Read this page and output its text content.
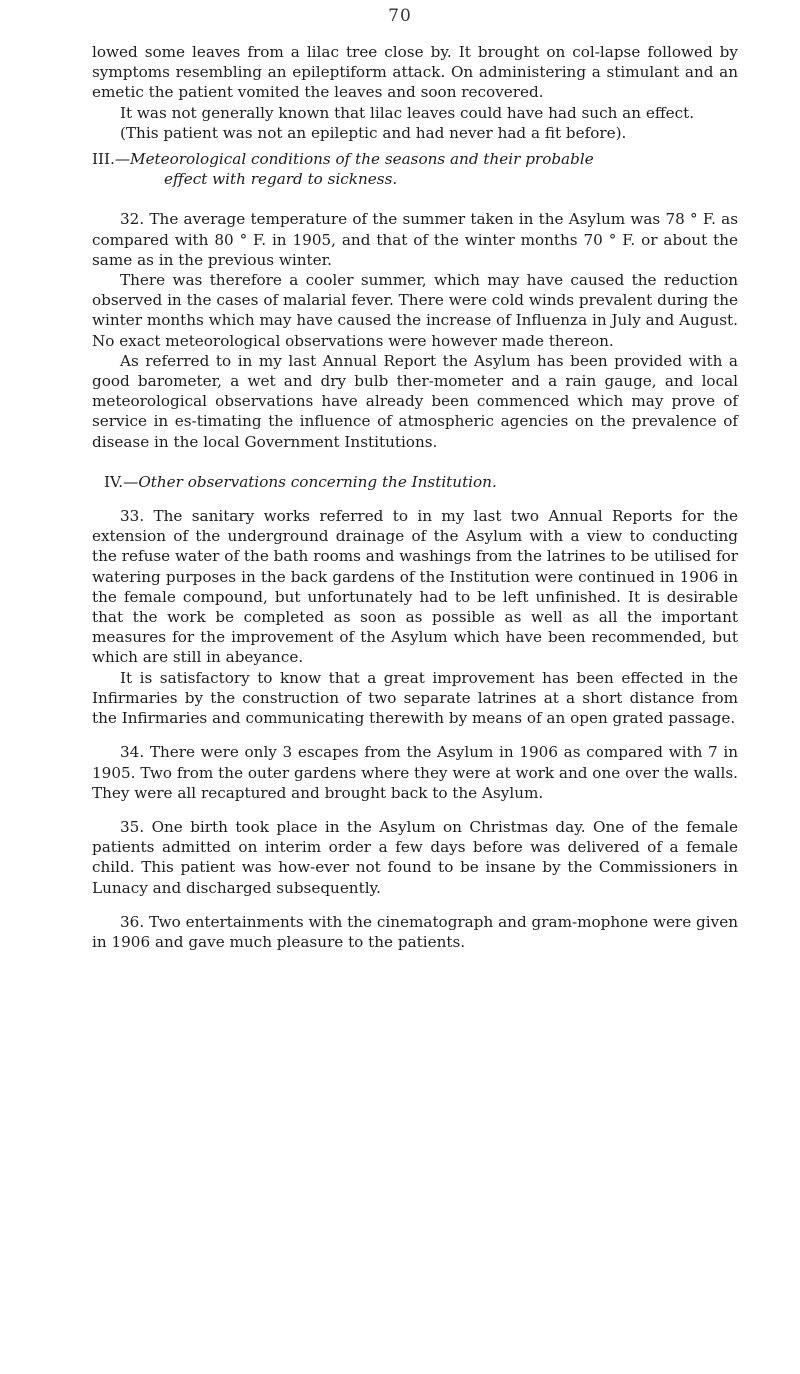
70

lowed some leaves from a lilac tree close by. It brought on col-lapse followed by symptoms resembling an epileptiform attack. On administering a stimulant and an emetic the patient vomited the leaves and soon recovered.

It was not generally known that lilac leaves could have had such an effect.

(This patient was not an epileptic and had never had a fit before).

III.—Meteorological conditions of the seasons and their probable
effect with regard to sickness.

32. The average temperature of the summer taken in the Asylum was 78 ° F. as compared with 80 ° F. in 1905, and that of the winter months 70 ° F. or about the same as in the previous winter.

There was therefore a cooler summer, which may have caused the reduction observed in the cases of malarial fever. There were cold winds prevalent during the winter months which may have caused the increase of Influenza in July and August. No exact meteorological observations were however made thereon.

As referred to in my last Annual Report the Asylum has been provided with a good barometer, a wet and dry bulb ther-mometer and a rain gauge, and local meteorological observations have already been commenced which may prove of service in es-timating the influence of atmospheric agencies on the prevalence of disease in the local Government Institutions.

IV.—Other observations concerning the Institution.

33. The sanitary works referred to in my last two Annual Reports for the extension of the underground drainage of the Asylum with a view to conducting the refuse water of the bath rooms and washings from the latrines to be utilised for watering purposes in the back gardens of the Institution were continued in 1906 in the female compound, but unfortunately had to be left unfinished. It is desirable that the work be completed as soon as possible as well as all the important measures for the improvement of the Asylum which have been recommended, but which are still in abeyance.

It is satisfactory to know that a great improvement has been effected in the Infirmaries by the construction of two separate latrines at a short distance from the Infirmaries and communicating therewith by means of an open grated passage.

34. There were only 3 escapes from the Asylum in 1906 as compared with 7 in 1905. Two from the outer gardens where they were at work and one over the walls. They were all recaptured and brought back to the Asylum.

35. One birth took place in the Asylum on Christmas day. One of the female patients admitted on interim order a few days before was delivered of a female child. This patient was how-ever not found to be insane by the Commissioners in Lunacy and discharged subsequently.

36. Two entertainments with the cinematograph and gram-mophone were given in 1906 and gave much pleasure to the patients.
